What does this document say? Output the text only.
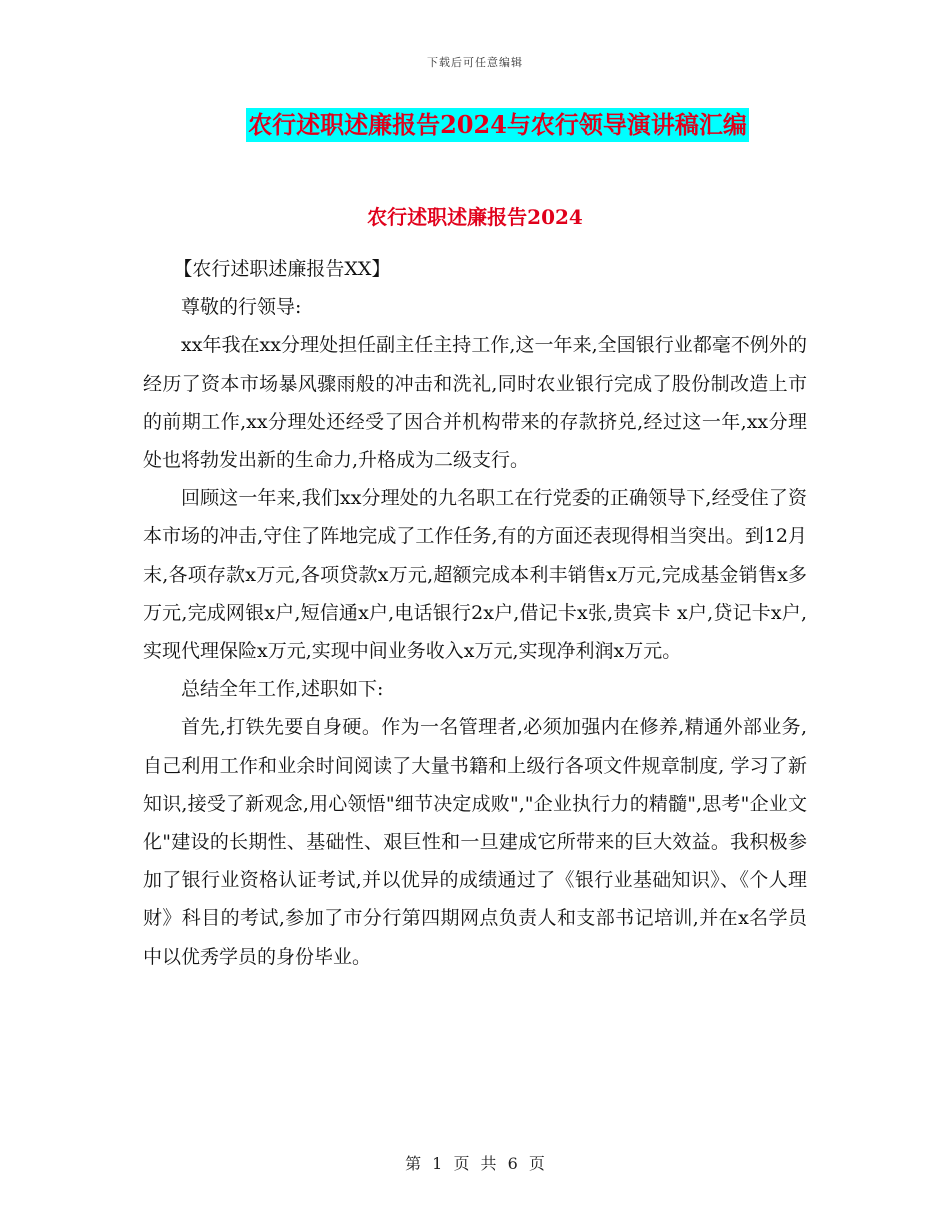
下载后可任意编辑
农行述职述廉报告2024与农行领导演讲稿汇编
农行述职述廉报告2024

【农行述职述廉报告XX】

尊敬的行领导:

xx年我在xx分理处担任副主任主持工作,这一年来,全国银行业都毫不例外的经历了资本市场暴风骤雨般的冲击和洗礼,同时农业银行完成了股份制改造上市的前期工作,xx分理处还经受了因合并机构带来的存款挤兑,经过这一年,xx分理处也将勃发出新的生命力,升格成为二级支行。

回顾这一年来,我们xx分理处的九名职工在行党委的正确领导下,经受住了资本市场的冲击,守住了阵地完成了工作任务,有的方面还表现得相当突出。到12月末,各项存款x万元,各项贷款x万元,超额完成本利丰销售x万元,完成基金销售x多万元,完成网银x户,短信通x户,电话银行2x户,借记卡x张,贵宾卡 x户,贷记卡x户,实现代理保险x万元,实现中间业务收入x万元,实现净利润x万元。

总结全年工作,述职如下:

首先,打铁先要自身硬。作为一名管理者,必须加强内在修养,精通外部业务,自己利用工作和业余时间阅读了大量书籍和上级行各项文件规章制度, 学习了新知识,接受了新观念,用心领悟"细节决定成败","企业执行力的精髓",思考"企业文化"建设的长期性、基础性、艰巨性和一旦建成它所带来的巨大效益。我积极参加了银行业资格认证考试,并以优异的成绩通过了《银行业基础知识》、《个人理财》科目的考试,参加了市分行第四期网点负责人和支部书记培训,并在x名学员中以优秀学员的身份毕业。

第 1 页 共 6 页
